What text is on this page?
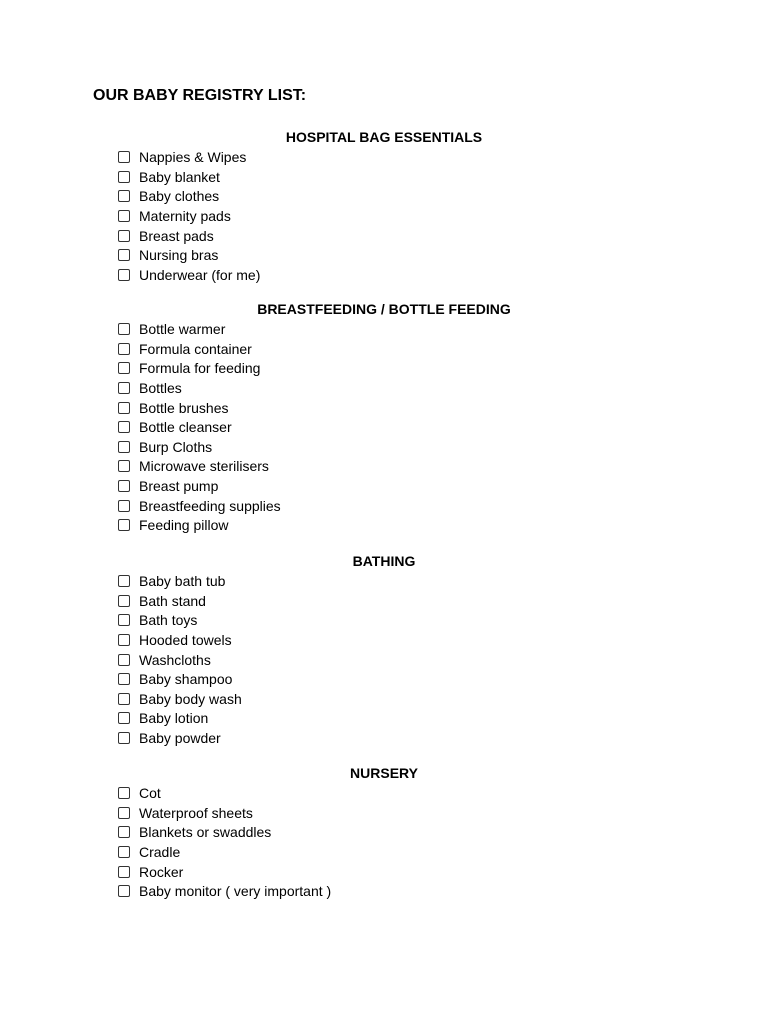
OUR BABY REGISTRY LIST:
HOSPITAL BAG ESSENTIALS
Nappies & Wipes
Baby blanket
Baby clothes
Maternity pads
Breast pads
Nursing bras
Underwear (for me)
BREASTFEEDING / BOTTLE FEEDING
Bottle warmer
Formula container
Formula for feeding
Bottles
Bottle brushes
Bottle cleanser
Burp Cloths
Microwave sterilisers
Breast pump
Breastfeeding supplies
Feeding pillow
BATHING
Baby bath tub
Bath stand
Bath toys
Hooded towels
Washcloths
Baby shampoo
Baby body wash
Baby lotion
Baby powder
NURSERY
Cot
Waterproof sheets
Blankets or swaddles
Cradle
Rocker
Baby monitor ( very important )
